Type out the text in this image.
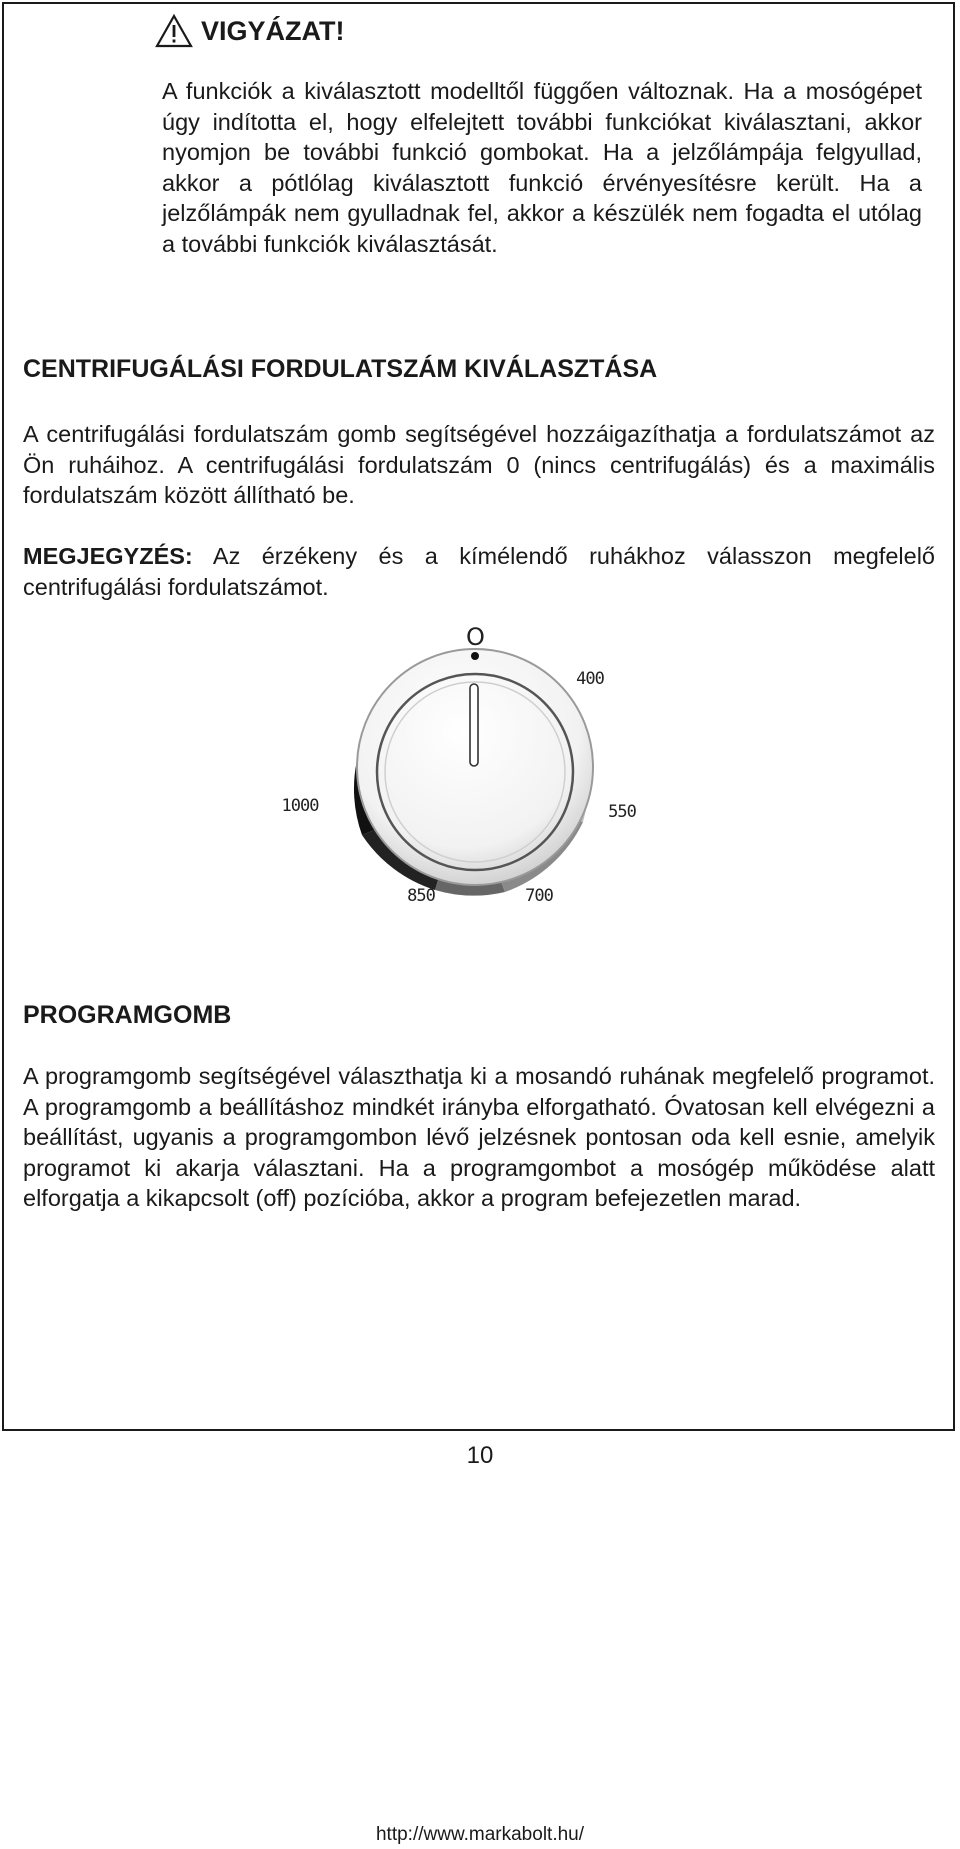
VIGYÁZAT!

A funkciók a kiválasztott modelltől függően változnak. Ha a mosógépet úgy indította el, hogy elfelejtett további funkciókat kiválasztani, akkor nyomjon be további funkció gombokat. Ha a jelzőlámpája felgyullad, akkor a pótlólag kiválasztott funkció érvényesítésre került. Ha a jelzőlámpák nem gyulladnak fel, akkor a készülék nem fogadta el utólag a további funkciók kiválasztását.

CENTRIFUGÁLÁSI FORDULATSZÁM KIVÁLASZTÁSA

A centrifugálási fordulatszám gomb segítségével hozzáigazíthatja a fordulatszámot az Ön ruháihoz. A centrifugálási fordulatszám 0 (nincs centrifugálás) és a maximális fordulatszám között állítható be.

MEGJEGYZÉS: Az érzékeny és a kímélendő ruhákhoz válasszon megfelelő centrifugálási fordulatszámot.

O
400
550
700
850
1000
PROGRAMGOMB

A programgomb segítségével választhatja ki a mosandó ruhának megfelelő programot. A programgomb a beállításhoz mindkét irányba elforgatható. Óvatosan kell elvégezni a beállítást, ugyanis a programgombon lévő jelzésnek pontosan oda kell esnie, amelyik programot ki akarja választani. Ha a programgombot a mosógép működése alatt elforgatja a kikapcsolt (off) pozícióba, akkor a program befejezetlen marad.

10
http://www.markabolt.hu/
